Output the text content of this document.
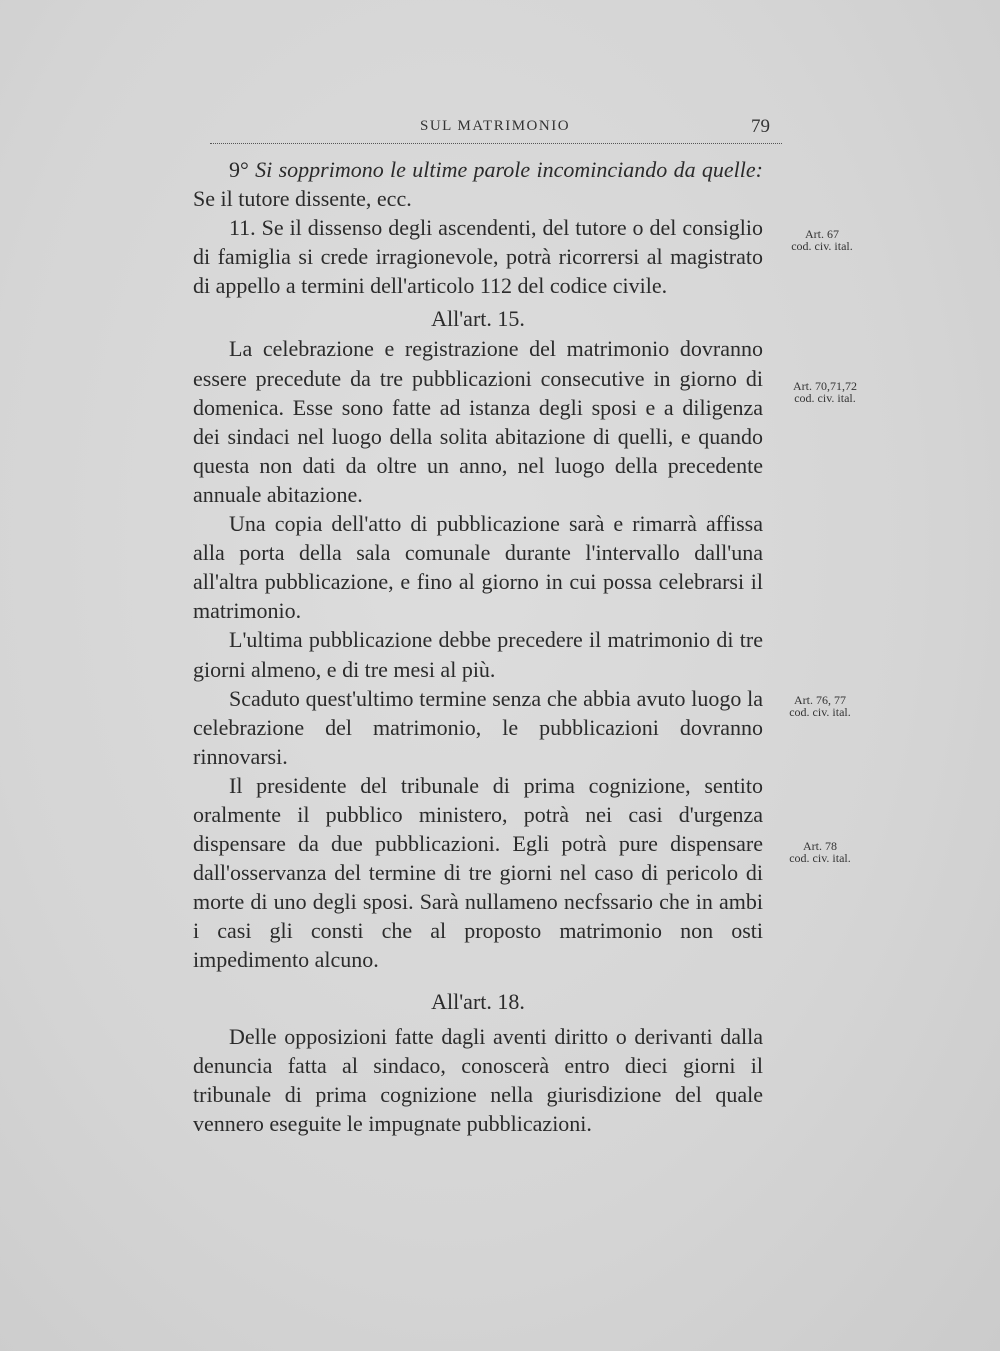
SUL MATRIMONIO	79

9° Si sopprimono le ultime parole incominciando da quelle: Se il tutore dissente, ecc.

11. Se il dissenso degli ascendenti, del tutore o del consiglio di famiglia si crede irragionevole, potrà ricorrersi al magistrato di appello a termini dell'articolo 112 del codice civile.

All'art. 15.

La celebrazione e registrazione del matrimonio dovranno essere precedute da tre pubblicazioni consecutive in giorno di domenica. Esse sono fatte ad istanza degli sposi e a diligenza dei sindaci nel luogo della solita abitazione di quelli, e quando questa non dati da oltre un anno, nel luogo della precedente annuale abitazione.

Una copia dell'atto di pubblicazione sarà e rimarrà affissa alla porta della sala comunale durante l'intervallo dall'una all'altra pubblicazione, e fino al giorno in cui possa celebrarsi il matrimonio.

L'ultima pubblicazione debbe precedere il matrimonio di tre giorni almeno, e di tre mesi al più.

Scaduto quest'ultimo termine senza che abbia avuto luogo la celebrazione del matrimonio, le pubblicazioni dovranno rinnovarsi.

Il presidente del tribunale di prima cognizione, sentito oralmente il pubblico ministero, potrà nei casi d'urgenza dispensare da due pubblicazioni. Egli potrà pure dispensare dall'osservanza del termine di tre giorni nel caso di pericolo di morte di uno degli sposi. Sarà nullameno necfssario che in ambi i casi gli consti che al proposto matrimonio non osti impedimento alcuno.

All'art. 18.

Delle opposizioni fatte dagli aventi diritto o derivanti dalla denuncia fatta al sindaco, conoscerà entro dieci giorni il tribunale di prima cognizione nella giurisdizione del quale vennero eseguite le impugnate pubblicazioni.

Art. 67
cod. civ. ital.
Art. 70,71,72
cod. civ. ital.
Art. 76, 77
cod. civ. ital.
Art. 78
cod. civ. ital.
